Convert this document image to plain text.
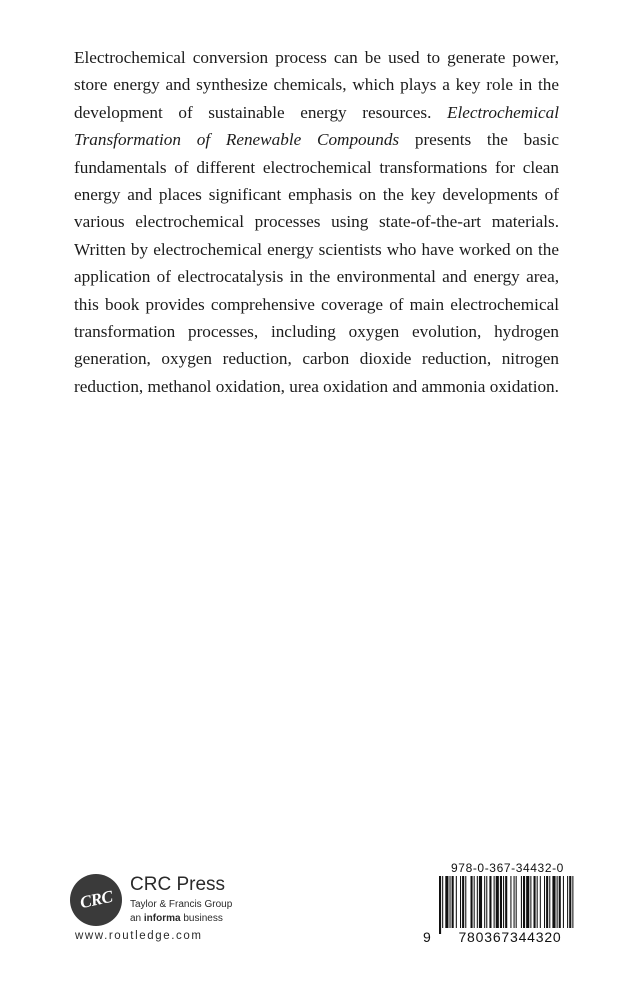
Electrochemical conversion process can be used to generate power, store energy and synthesize chemicals, which plays a key role in the development of sustainable energy resources. Electrochemical Transformation of Renewable Compounds presents the basic fundamentals of different electrochemical transformations for clean energy and places significant emphasis on the key developments of various electrochemical processes using state-of-the-art materials. Written by electrochemical energy scientists who have worked on the application of electrocatalysis in the environmental and energy area, this book provides comprehensive coverage of main electrochemical transformation processes, including oxygen evolution, hydrogen generation, oxygen reduction, carbon dioxide reduction, nitrogen reduction, methanol oxidation, urea oxidation and ammonia oxidation.

CRC
CRC Press
Taylor & Francis Group
an informa business
www.routledge.com
978-0-367-34432-0
9	780367344320
